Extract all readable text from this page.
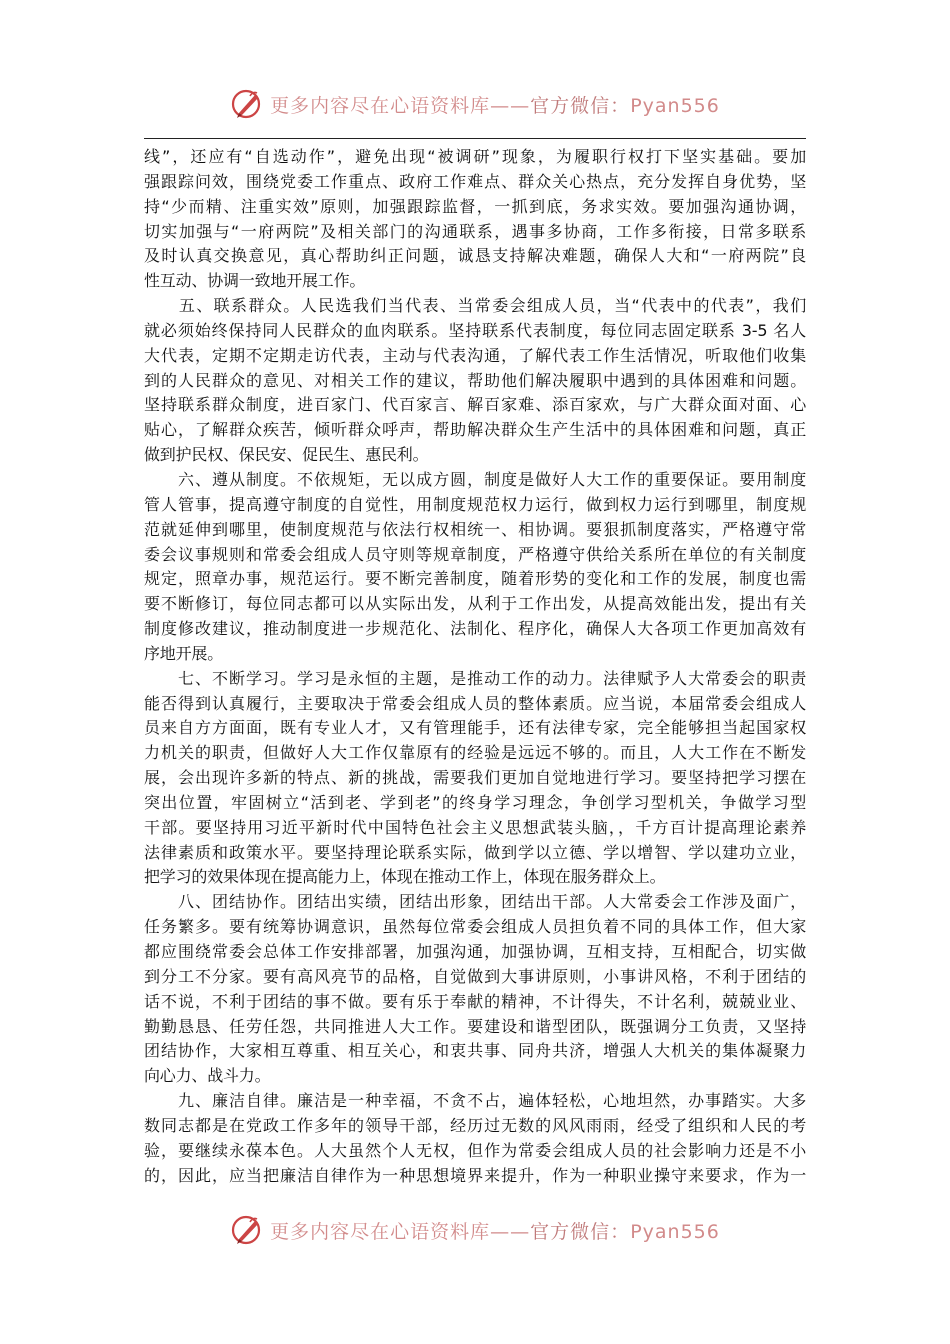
更多内容尽在心语资料库——官方微信：Pyan556
线”，还应有“自选动作”，避免出现“被调研”现象，为履职行权打下坚实基础。要加
强跟踪问效，围绕党委工作重点、政府工作难点、群众关心热点，充分发挥自身优势，坚
持“少而精、注重实效”原则，加强跟踪监督，一抓到底，务求实效。要加强沟通协调，
切实加强与“一府两院”及相关部门的沟通联系，遇事多协商，工作多衔接，日常多联系
及时认真交换意见，真心帮助纠正问题，诚恳支持解决难题，确保人大和“一府两院”良
性互动、协调一致地开展工作。
　　五、联系群众。人民选我们当代表、当常委会组成人员，当“代表中的代表”，我们
就必须始终保持同人民群众的血肉联系。坚持联系代表制度，每位同志固定联系 3-5 名人
大代表，定期不定期走访代表，主动与代表沟通，了解代表工作生活情况，听取他们收集
到的人民群众的意见、对相关工作的建议，帮助他们解决履职中遇到的具体困难和问题。
坚持联系群众制度，进百家门、代百家言、解百家难、添百家欢，与广大群众面对面、心
贴心，了解群众疾苦，倾听群众呼声，帮助解决群众生产生活中的具体困难和问题，真正
做到护民权、保民安、促民生、惠民利。
　　六、遵从制度。不依规矩，无以成方圆，制度是做好人大工作的重要保证。要用制度
管人管事，提高遵守制度的自觉性，用制度规范权力运行，做到权力运行到哪里，制度规
范就延伸到哪里，使制度规范与依法行权相统一、相协调。要狠抓制度落实，严格遵守常
委会议事规则和常委会组成人员守则等规章制度，严格遵守供给关系所在单位的有关制度
规定，照章办事，规范运行。要不断完善制度，随着形势的变化和工作的发展，制度也需
要不断修订，每位同志都可以从实际出发，从利于工作出发，从提高效能出发，提出有关
制度修改建议，推动制度进一步规范化、法制化、程序化，确保人大各项工作更加高效有
序地开展。
　　七、不断学习。学习是永恒的主题，是推动工作的动力。法律赋予人大常委会的职责
能否得到认真履行，主要取决于常委会组成人员的整体素质。应当说，本届常委会组成人
员来自方方面面，既有专业人才，又有管理能手，还有法律专家，完全能够担当起国家权
力机关的职责，但做好人大工作仅靠原有的经验是远远不够的。而且，人大工作在不断发
展，会出现许多新的特点、新的挑战，需要我们更加自觉地进行学习。要坚持把学习摆在
突出位置，牢固树立“活到老、学到老”的终身学习理念，争创学习型机关，争做学习型
干部。要坚持用习近平新时代中国特色社会主义思想武装头脑，，千方百计提高理论素养
法律素质和政策水平。要坚持理论联系实际，做到学以立德、学以增智、学以建功立业，
把学习的效果体现在提高能力上，体现在推动工作上，体现在服务群众上。
　　八、团结协作。团结出实绩，团结出形象，团结出干部。人大常委会工作涉及面广，
任务繁多。要有统筹协调意识，虽然每位常委会组成人员担负着不同的具体工作，但大家
都应围绕常委会总体工作安排部署，加强沟通，加强协调，互相支持，互相配合，切实做
到分工不分家。要有高风亮节的品格，自觉做到大事讲原则，小事讲风格，不利于团结的
话不说，不利于团结的事不做。要有乐于奉献的精神，不计得失，不计名利，兢兢业业、
勤勤恳恳、任劳任怨，共同推进人大工作。要建设和谐型团队，既强调分工负责，又坚持
团结协作，大家相互尊重、相互关心，和衷共事、同舟共济，增强人大机关的集体凝聚力
向心力、战斗力。
　　九、廉洁自律。廉洁是一种幸福，不贪不占，遍体轻松，心地坦然，办事踏实。大多
数同志都是在党政工作多年的领导干部，经历过无数的风风雨雨，经受了组织和人民的考
验，要继续永葆本色。人大虽然个人无权，但作为常委会组成人员的社会影响力还是不小
的，因此，应当把廉洁自律作为一种思想境界来提升，作为一种职业操守来要求，作为一
更多内容尽在心语资料库——官方微信：Pyan556
